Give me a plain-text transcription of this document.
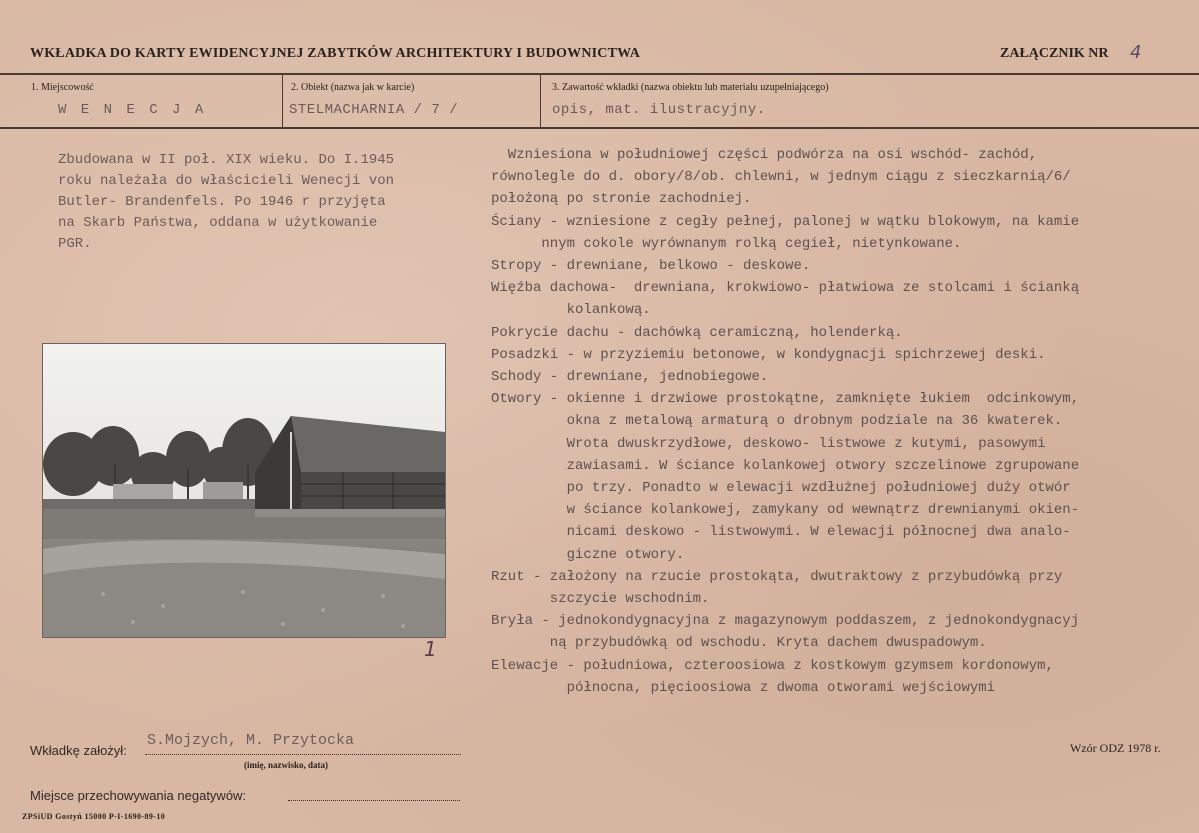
WKŁADKA DO KARTY EWIDENCYJNEJ ZABYTKÓW ARCHITEKTURY I BUDOWNICTWA	ZAŁĄCZNIK NR 4
1. Miejscowość
W E N E C J A
2. Obiekt (nazwa jak w karcie)
STELMACHARNIA / 7 /
3. Zawartość wkładki (nazwa obiektu lub materiału uzupełniającego)
opis, mat. ilustracyjny.
Zbudowana w II poł. XIX wieku. Do I.1945
roku należała do właścicieli Wenecji von
Butler- Brandenfels. Po 1946 r przyjęta
na Skarb Państwa, oddana w użytkowanie
PGR.
Wzniesiona w południowej części podwórza na osi wschód- zachód,
równolegle do d. obory/8/ob. chlewni, w jednym ciągu z sieczkarnią/6/
położoną po stronie zachodniej.
Ściany - wzniesione z cegły pełnej, palonej w wątku blokowym, na kamie
nnym cokole wyrównanym rolką cegieł, nietynkowane.
Stropy - drewniane, belkowo - deskowe.
Więźba dachowa-  drewniana, krokwiowo- płatwiowa ze stolcami i ścianką
kolankową.
Pokrycie dachu - dachówką ceramiczną, holenderką.
Posadzki - w przyziemiu betonowe, w kondygnacji spichrzewej deski.
Schody - drewniane, jednobiegowe.
Otwory - okienne i drzwiowe prostokątne, zamknięte łukiem  odcinkowym,
okna z metalową armaturą o drobnym podziale na 36 kwaterek.
Wrota dwuskrzydłowe, deskowo- listwowe z kutymi, pasowymi
zawiasami. W ściance kolankowej otwory szczelinowe zgrupowane
po trzy. Ponadto w elewacji wzdłużnej południowej duży otwór
w ściance kolankowej, zamykany od wewnątrz drewnianymi okien-
nicami deskowo - listwowymi. W elewacji północnej dwa analo-
giczne otwory.
Rzut - założony na rzucie prostokąta, dwutraktowy z przybudówką przy
szczycie wschodnim.
Bryła - jednokondygnacyjna z magazynowym poddaszem, z jednokondygnacyj
ną przybudówką od wschodu. Kryta dachem dwuspadowym.
Elewacje - południowa, czteroosiowa z kostkowym gzymsem kordonowym,
północna, pięcioosiowa z dwoma otworami wejściowymi
1
Wkładkę założył:
S.Mojzych, M. Przytocka
(imię, nazwisko, data)
Miejsce przechowywania negatywów:
Wzór ODZ 1978 r.
ZPSiUD Gostyń 15000 P-I-1690-89-10
